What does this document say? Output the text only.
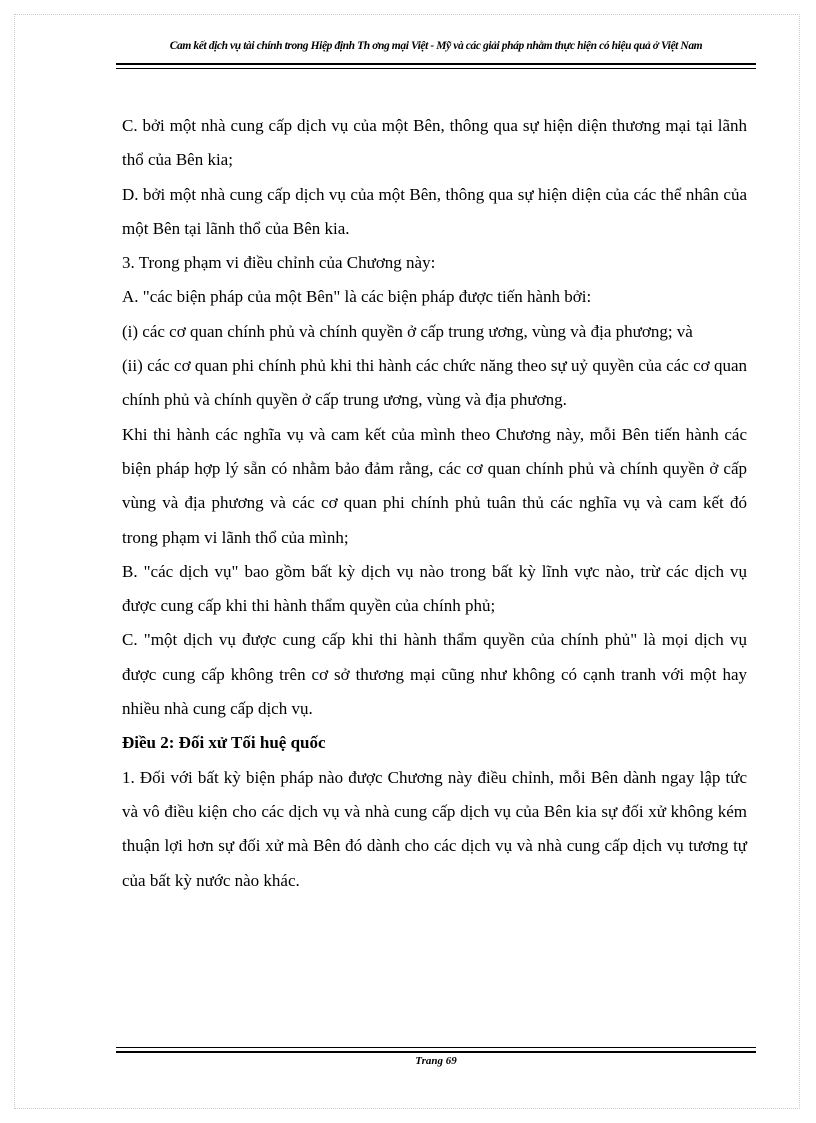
Cam kết dịch vụ tài chính trong Hiệp định Th ơng mại Việt - Mỹ và các giải pháp nhằm thực hiện có hiệu quả ở Việt Nam

C. bởi một nhà cung cấp dịch vụ của một Bên, thông qua sự hiện diện thương mại tại lãnh thổ của Bên kia;

D. bởi một nhà cung cấp dịch vụ của một Bên, thông qua sự hiện diện của các thể nhân của một Bên tại lãnh thổ của Bên kia.

3. Trong phạm vi điều chỉnh của Chương này:

A. "các biện pháp của một Bên" là các biện pháp được tiến hành bởi:

(i) các cơ quan chính phủ và chính quyền ở cấp trung ương, vùng và địa phương; và

(ii) các cơ quan phi chính phủ khi thi hành các chức năng theo sự uỷ quyền của các cơ quan chính phủ và chính quyền ở cấp trung ương, vùng và địa phương.

Khi thi hành các nghĩa vụ và cam kết của mình theo Chương này, mỗi Bên tiến hành các biện pháp hợp lý sẵn có nhằm bảo đảm rằng, các cơ quan chính phủ và chính quyền ở cấp vùng và địa phương và các cơ quan phi chính phủ tuân thủ các nghĩa vụ và cam kết đó trong phạm vi lãnh thổ của mình;

B. "các dịch vụ" bao gồm bất kỳ dịch vụ nào trong bất kỳ lĩnh vực nào, trừ các dịch vụ được cung cấp khi thi hành thẩm quyền của chính phủ;

C. "một dịch vụ được cung cấp khi thi hành thẩm quyền của chính phủ" là mọi dịch vụ được cung cấp không trên cơ sở thương mại cũng như không có cạnh tranh với một hay nhiều nhà cung cấp dịch vụ.

Điều 2: Đối xử Tối huệ quốc

1. Đối với bất kỳ biện pháp nào được Chương này điều chỉnh, mỗi Bên dành ngay lập tức và vô điều kiện cho các dịch vụ và nhà cung cấp dịch vụ của Bên kia sự đối xử không kém thuận lợi hơn sự đối xử mà Bên đó dành cho các dịch vụ và nhà cung cấp dịch vụ tương tự của bất kỳ nước nào khác.

Trang 69
